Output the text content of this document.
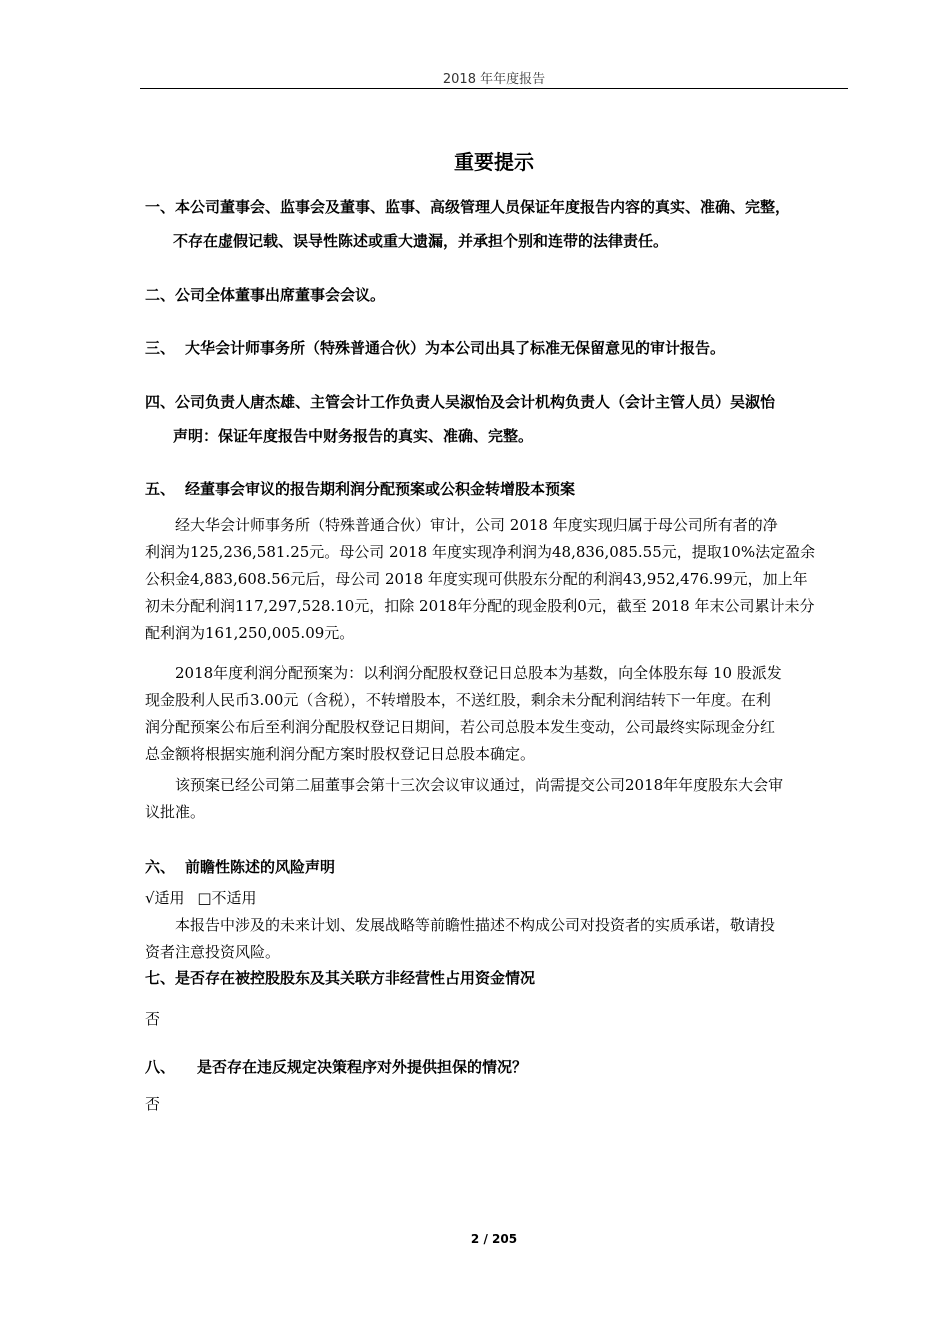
2018 年年度报告
重要提示
一、本公司董事会、监事会及董事、监事、高级管理人员保证年度报告内容的真实、准确、完整，
不存在虚假记载、误导性陈述或重大遗漏，并承担个别和连带的法律责任。
二、公司全体董事出席董事会会议。
三、 大华会计师事务所（特殊普通合伙）为本公司出具了标准无保留意见的审计报告。
四、公司负责人唐杰雄、主管会计工作负责人吴淑怡及会计机构负责人（会计主管人员）吴淑怡
声明：保证年度报告中财务报告的真实、准确、完整。
五、 经董事会审议的报告期利润分配预案或公积金转增股本预案
经大华会计师事务所（特殊普通合伙）审计，公司 2018 年度实现归属于母公司所有者的净
利润为125,236,581.25元。母公司 2018 年度实现净利润为48,836,085.55元，提取10%法定盈余
公积金4,883,608.56元后，母公司 2018 年度实现可供股东分配的利润43,952,476.99元，加上年
初未分配利润117,297,528.10元，扣除 2018年分配的现金股利0元，截至 2018 年末公司累计未分
配利润为161,250,005.09元。
2018年度利润分配预案为：以利润分配股权登记日总股本为基数，向全体股东每 10 股派发
现金股利人民币3.00元（含税），不转增股本，不送红股，剩余未分配利润结转下一年度。在利
润分配预案公布后至利润分配股权登记日期间，若公司总股本发生变动，公司最终实际现金分红
总金额将根据实施利润分配方案时股权登记日总股本确定。
该预案已经公司第二届董事会第十三次会议审议通过，尚需提交公司2018年年度股东大会审
议批准。
六、 前瞻性陈述的风险声明
√适用 □不适用
本报告中涉及的未来计划、发展战略等前瞻性描述不构成公司对投资者的实质承诺，敬请投
资者注意投资风险。
七、是否存在被控股股东及其关联方非经营性占用资金情况
否
八、 是否存在违反规定决策程序对外提供担保的情况？
否
2 / 205
